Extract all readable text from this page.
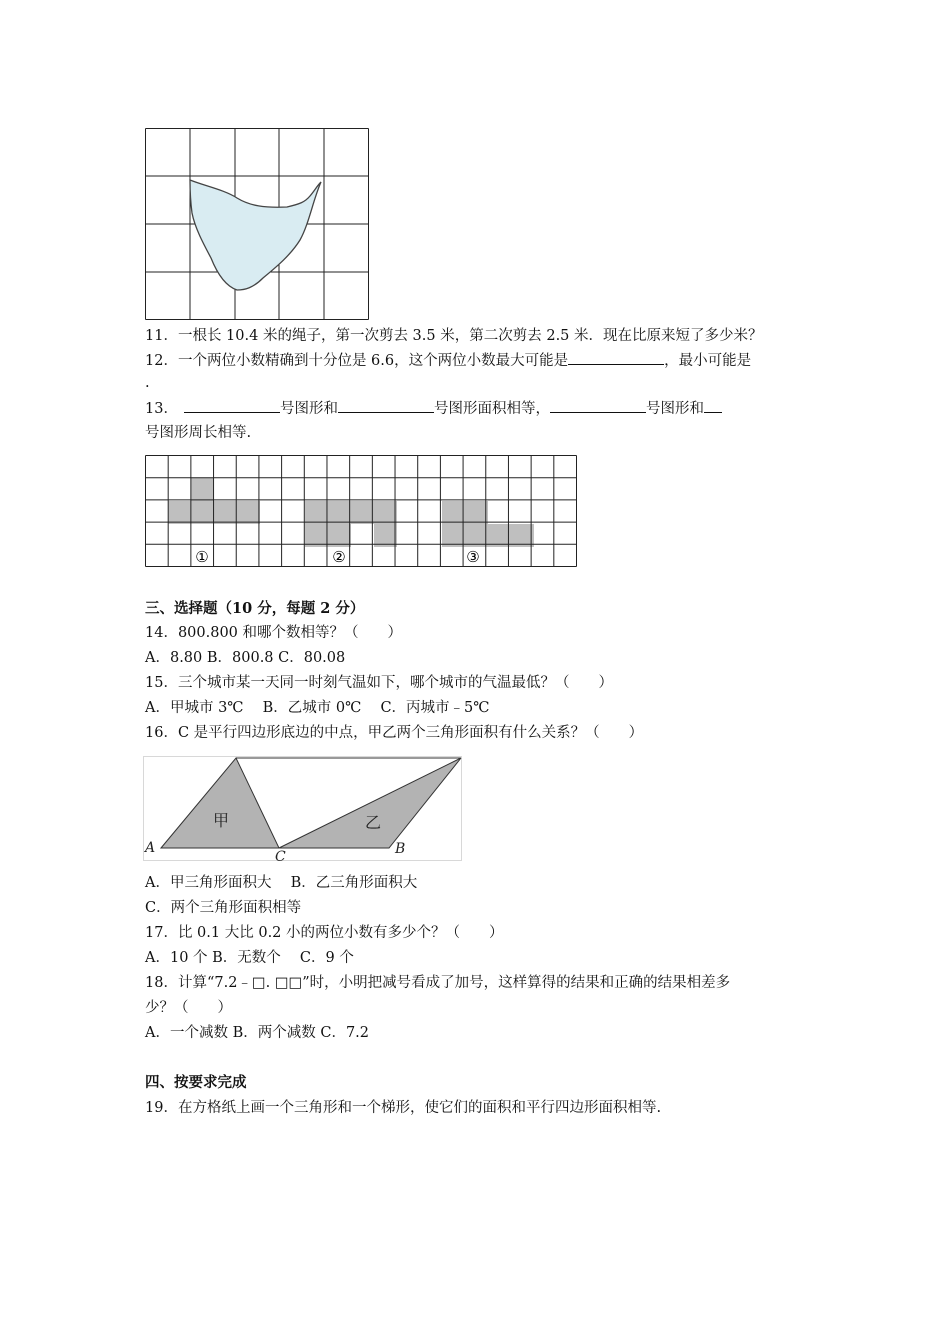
11．一根长 10.4 米的绳子，第一次剪去 3.5 米，第二次剪去 2.5 米．现在比原来短了多少米？
12．一个两位小数精确到十分位是 6.6，这个两位小数最大可能是	，最小可能是
.
13．	号图形和	号图形面积相等，	号图形和
号图形周长相等.
①	②	③
三、选择题（10 分，每题 2 分）
14．800.800 和哪个数相等？（　　）
A．8.80 B．800.8 C．80.08
15．三个城市某一天同一时刻气温如下，哪个城市的气温最低？（　　）
A．甲城市 3℃　 B．乙城市 0℃　 C．丙城市﹣5℃
16．C 是平行四边形底边的中点，甲乙两个三角形面积有什么关系？（　　）
A	B
C
甲	乙
A．甲三角形面积大　 B．乙三角形面积大
C．两个三角形面积相等
17．比 0.1 大比 0.2 小的两位小数有多少个？（　　）
A．10 个 B．无数个　 C．9 个
18．计算“7.2﹣□. □□”时，小明把减号看成了加号，这样算得的结果和正确的结果相差多
少？（　　）
A．一个减数 B．两个减数 C．7.2
四、按要求完成
19．在方格纸上画一个三角形和一个梯形，使它们的面积和平行四边形面积相等.
